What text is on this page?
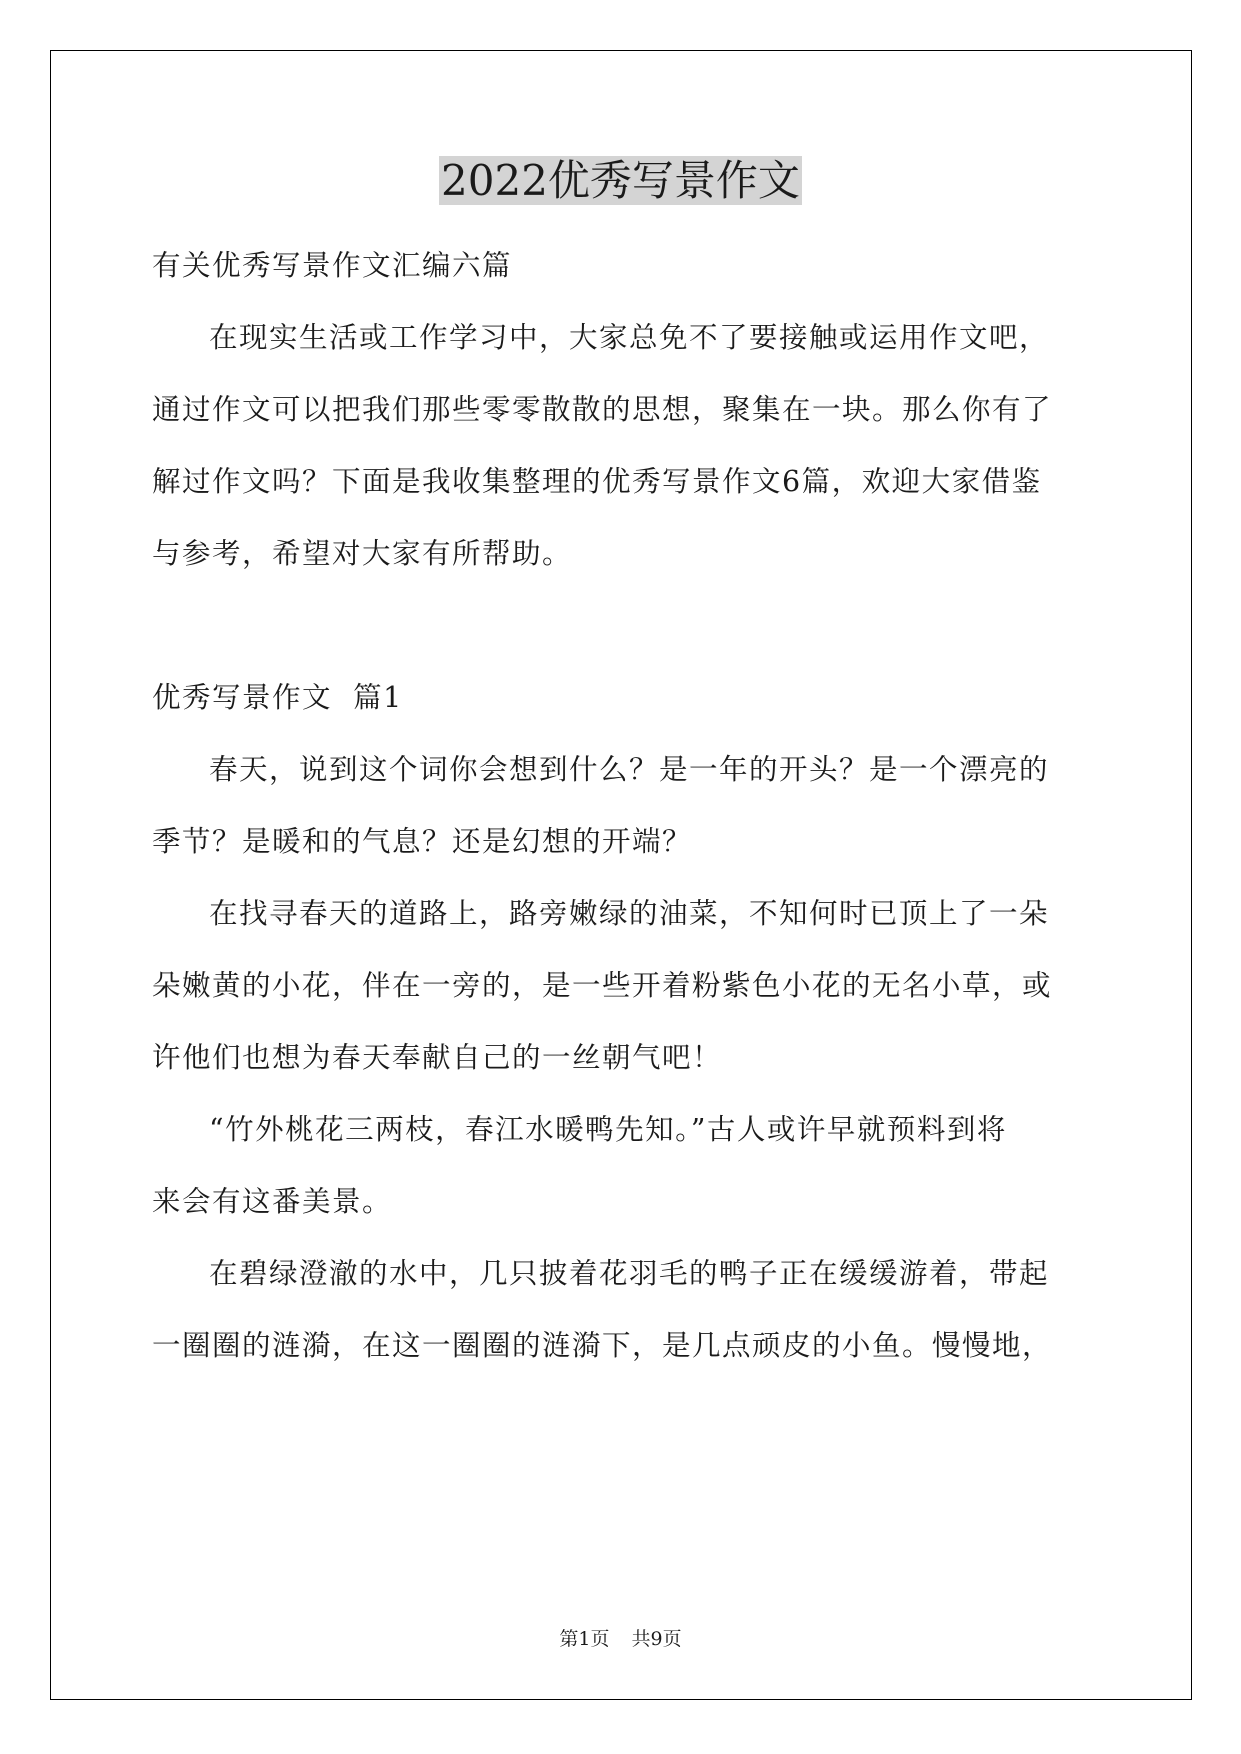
2022优秀写景作文

有关优秀写景作文汇编六篇

在现实生活或工作学习中，大家总免不了要接触或运用作文吧，

通过作文可以把我们那些零零散散的思想，聚集在一块。那么你有了

解过作文吗？下面是我收集整理的优秀写景作文6篇，欢迎大家借鉴

与参考，希望对大家有所帮助。

优秀写景作文  篇1

春天，说到这个词你会想到什么？是一年的开头？是一个漂亮的

季节？是暖和的气息？还是幻想的开端？

在找寻春天的道路上，路旁嫩绿的油菜，不知何时已顶上了一朵

朵嫩黄的小花，伴在一旁的，是一些开着粉紫色小花的无名小草，或

许他们也想为春天奉献自己的一丝朝气吧！

“竹外桃花三两枝，春江水暖鸭先知。”古人或许早就预料到将

来会有这番美景。

在碧绿澄澈的水中，几只披着花羽毛的鸭子正在缓缓游着，带起

一圈圈的涟漪，在这一圈圈的涟漪下，是几点顽皮的小鱼。慢慢地，

第1页 共9页
